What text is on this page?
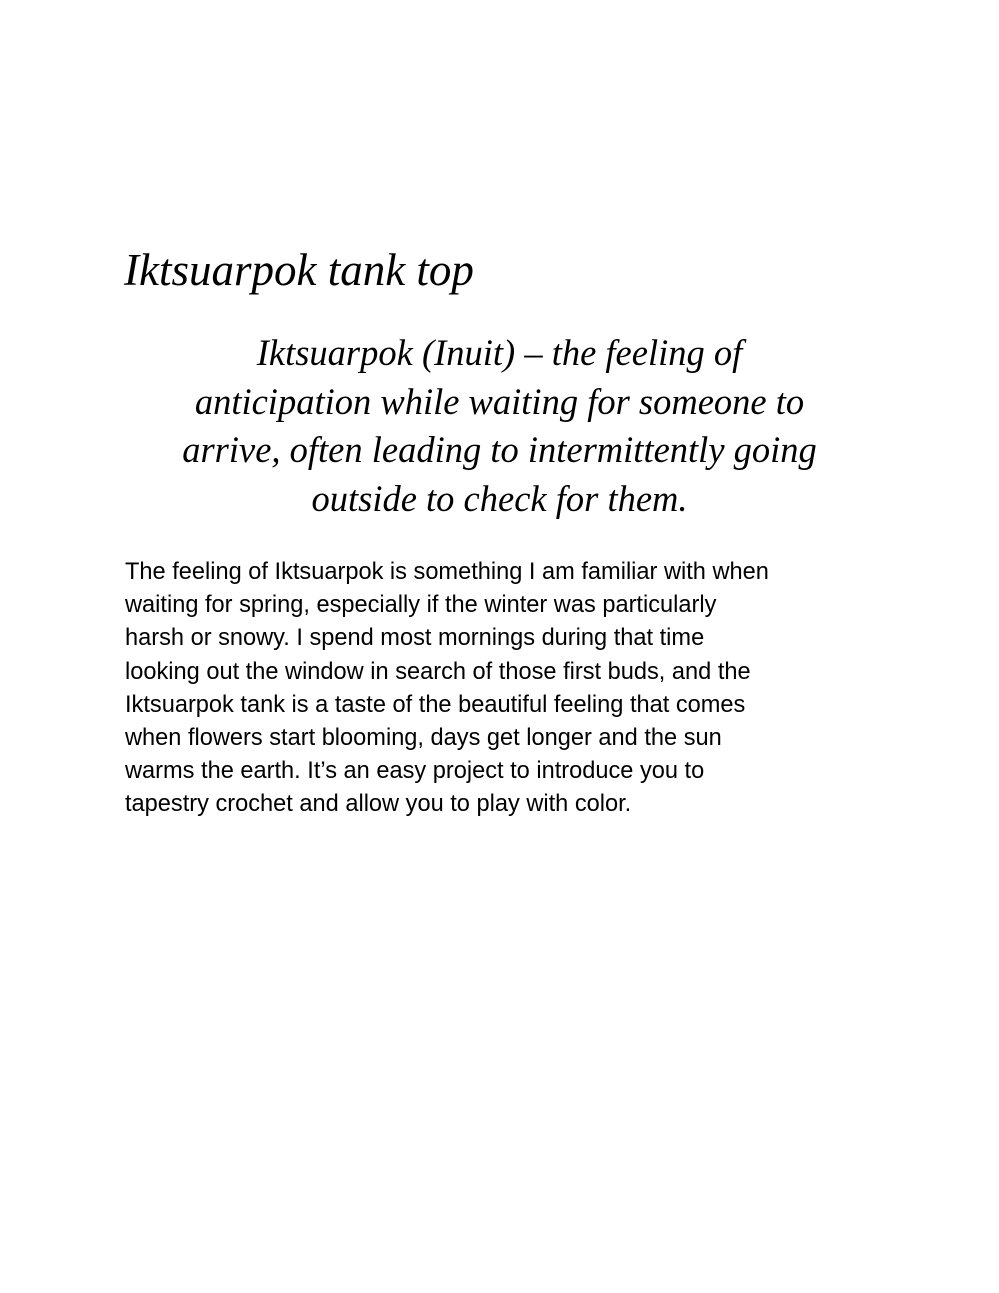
Iktsuarpok tank top

Iktsuarpok (Inuit) – the feeling of
anticipation while waiting for someone to
arrive, often leading to intermittently going
outside to check for them.

The feeling of Iktsuarpok is something I am familiar with when
waiting for spring, especially if the winter was particularly
harsh or snowy. I spend most mornings during that time
looking out the window in search of those first buds, and the
Iktsuarpok tank is a taste of the beautiful feeling that comes
when flowers start blooming, days get longer and the sun
warms the earth. It’s an easy project to introduce you to
tapestry crochet and allow you to play with color.
